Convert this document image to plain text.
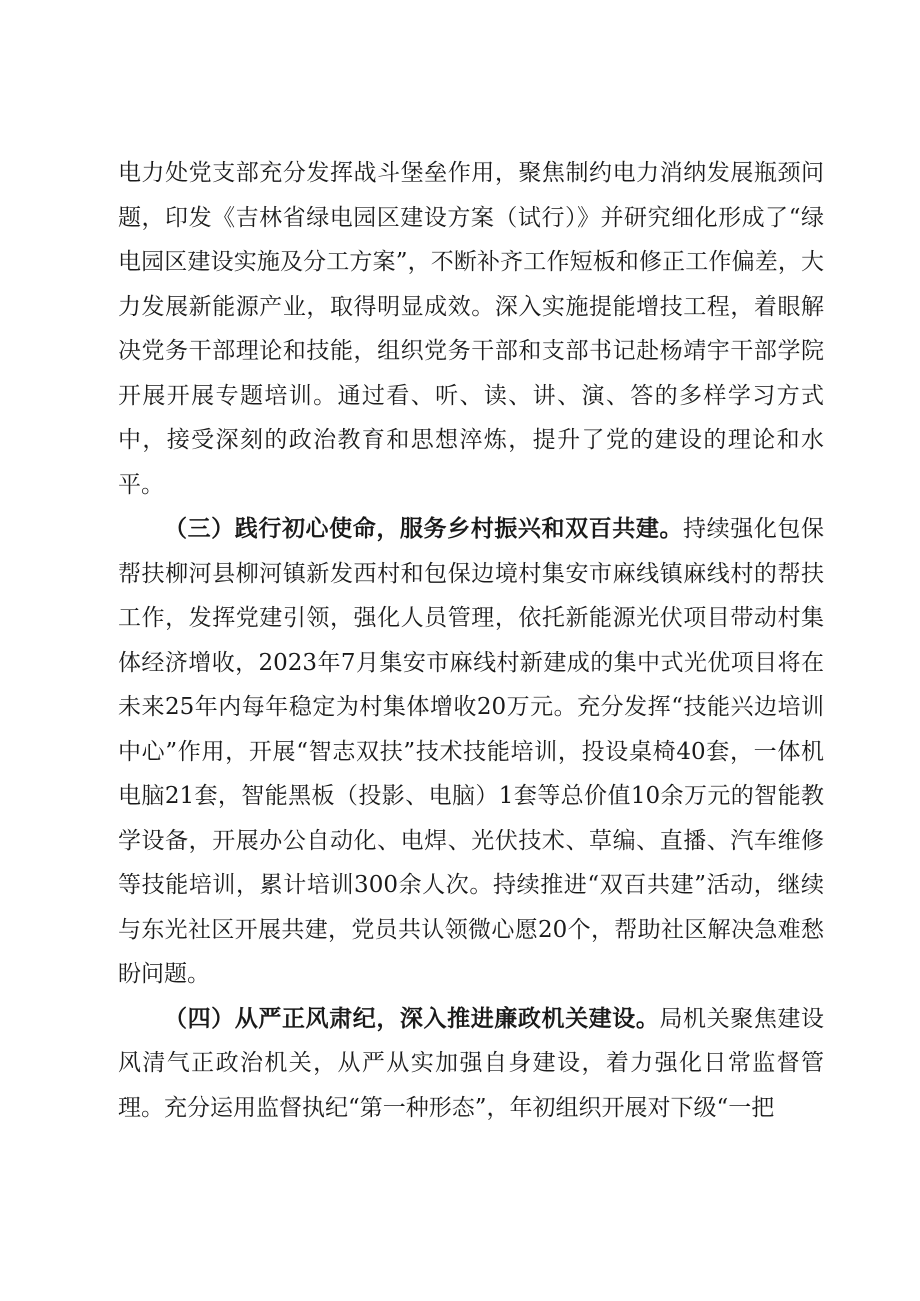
电力处党支部充分发挥战斗堡垒作用，聚焦制约电力消纳发展瓶颈问题，印发《吉林省绿电园区建设方案（试行）》并研究细化形成了“绿电园区建设实施及分工方案”，不断补齐工作短板和修正工作偏差，大力发展新能源产业，取得明显成效。深入实施提能增技工程，着眼解决党务干部理论和技能，组织党务干部和支部书记赴杨靖宇干部学院开展开展专题培训。通过看、听、读、讲、演、答的多样学习方式中，接受深刻的政治教育和思想淬炼，提升了党的建设的理论和水平。

（三）践行初心使命，服务乡村振兴和双百共建。持续强化包保帮扶柳河县柳河镇新发西村和包保边境村集安市麻线镇麻线村的帮扶工作，发挥党建引领，强化人员管理，依托新能源光伏项目带动村集体经济增收，2023年7月集安市麻线村新建成的集中式光优项目将在未来25年内每年稳定为村集体增收20万元。充分发挥“技能兴边培训中心”作用，开展“智志双扶”技术技能培训，投设桌椅40套，一体机电脑21套，智能黑板（投影、电脑）1套等总价值10余万元的智能教学设备，开展办公自动化、电焊、光伏技术、草编、直播、汽车维修等技能培训，累计培训300余人次。持续推进“双百共建”活动，继续与东光社区开展共建，党员共认领微心愿20个，帮助社区解决急难愁盼问题。

（四）从严正风肃纪，深入推进廉政机关建设。局机关聚焦建设风清气正政治机关，从严从实加强自身建设，着力强化日常监督管理。充分运用监督执纪“第一种形态”，年初组织开展对下级“一把
